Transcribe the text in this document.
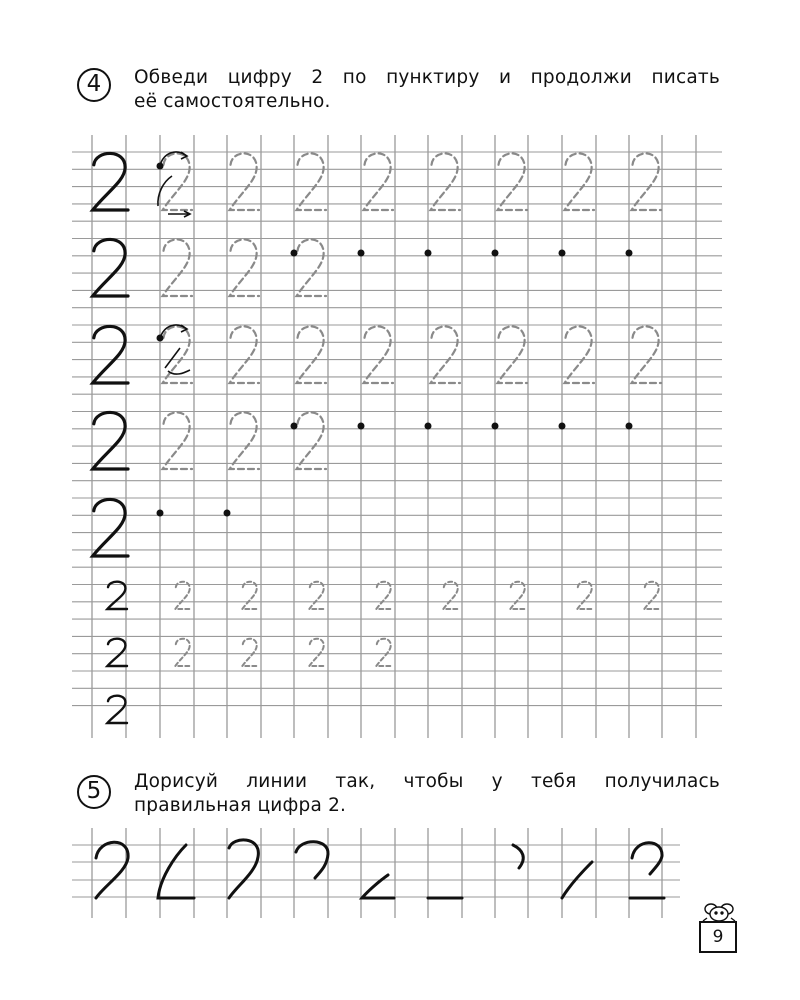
4	Обведи цифру 2 по пунктиру и продолжи писать
её самостоятельно.
5	Дорисуй линии так, чтобы у тебя получилась
правильная цифра 2.
9
